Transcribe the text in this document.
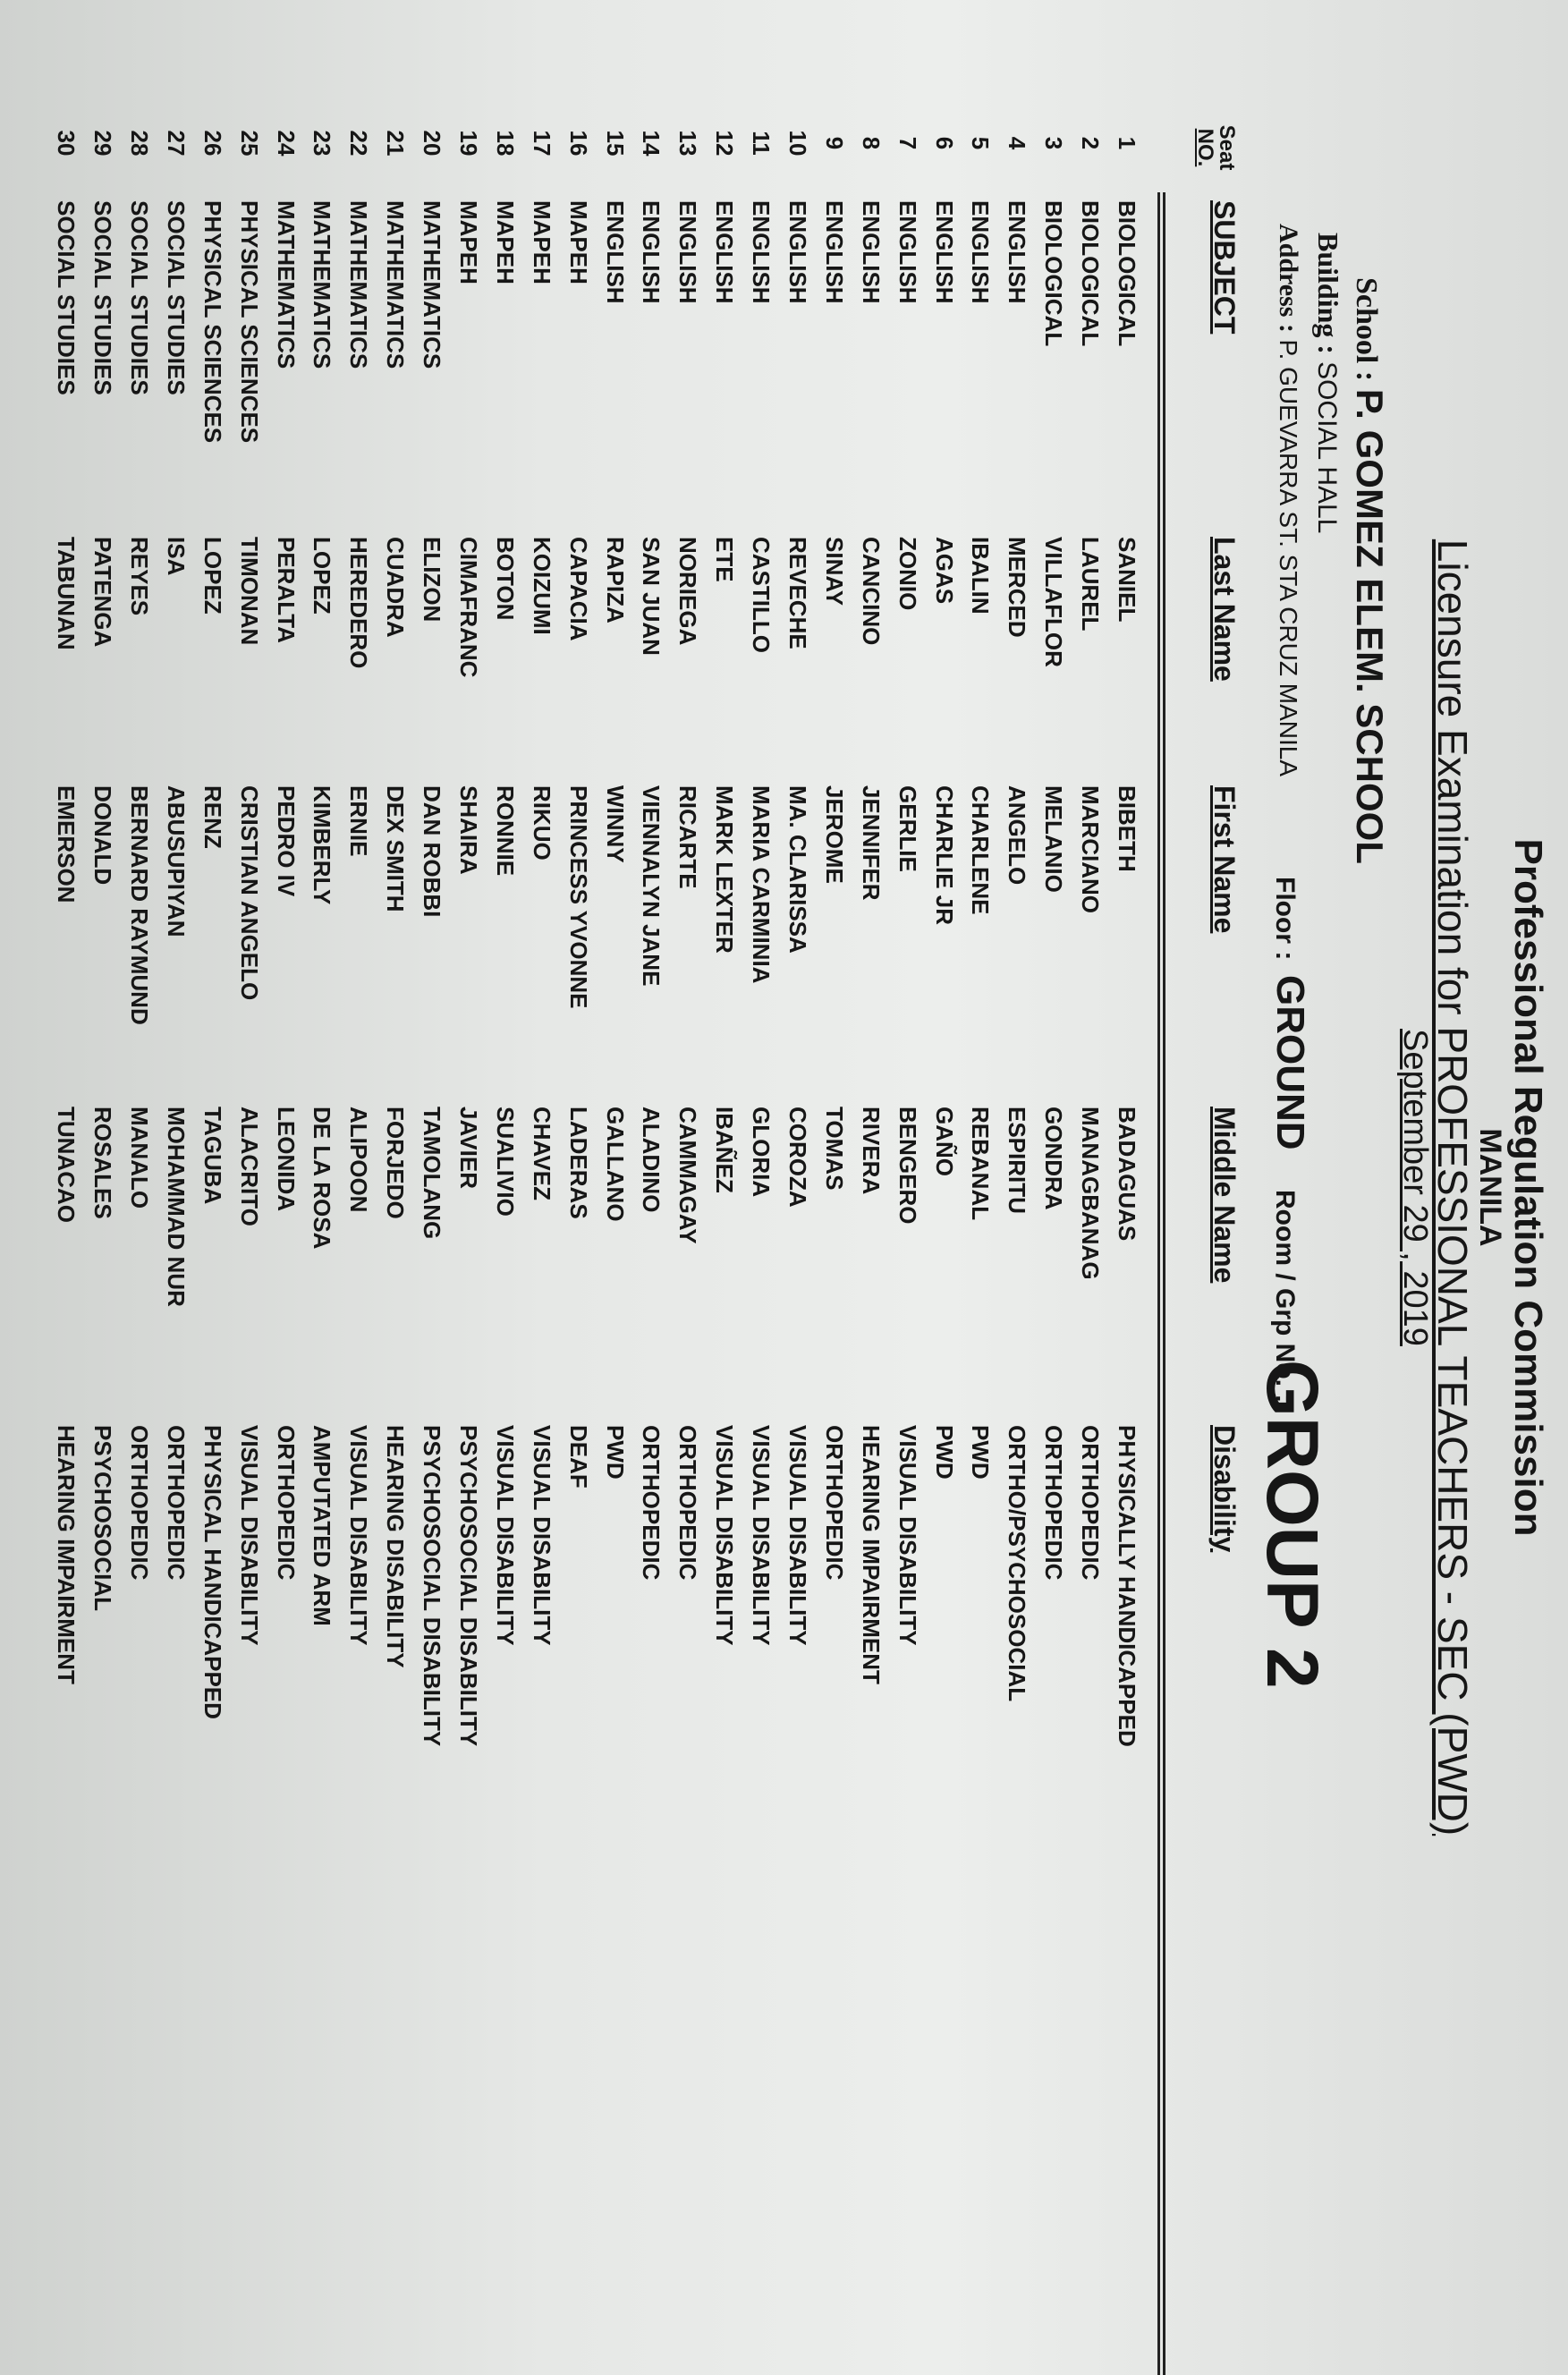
Professional Regulation Commission
MANILA
Licensure Examination for PROFESSIONAL TEACHERS - SEC (PWD)
September 29 , 2019
School : P. GOMEZ ELEM. SCHOOL
Building : SOCIAL HALL
Address : P. GUEVARRA ST. STA CRUZ MANILA
Floor :
GROUND
Room / Grp No. :
GROUP 2
Seat
NO.
SUBJECT
Last Name
First Name
Middle Name
Disability
1
BIOLOGICAL
SANIEL
BIBETH
BADAGUAS
PHYSICALLY HANDICAPPED
2
BIOLOGICAL
LAUREL
MARCIANO
MANAGBANAG
ORTHOPEDIC
3
BIOLOGICAL
VILLAFLOR
MELANIO
GONDRA
ORTHOPEDIC
4
ENGLISH
MERCED
ANGELO
ESPIRITU
ORTHO/PSYCHOSOCIAL
5
ENGLISH
IBALIN
CHARLENE
REBANAL
PWD
6
ENGLISH
AGAS
CHARLIE JR
GAÑO
PWD
7
ENGLISH
ZONIO
GERLIE
BENGERO
VISUAL DISABILITY
8
ENGLISH
CANCINO
JENNIFER
RIVERA
HEARING IMPAIRMENT
9
ENGLISH
SINAY
JEROME
TOMAS
ORTHOPEDIC
10
ENGLISH
REVECHE
MA. CLARISSA
COROZA
VISUAL DISABILITY
11
ENGLISH
CASTILLO
MARIA CARMINIA
GLORIA
VISUAL DISABILITY
12
ENGLISH
ETE
MARK LEXTER
IBAÑEZ
VISUAL DISABILITY
13
ENGLISH
NORIEGA
RICARTE
CAMMAGAY
ORTHOPEDIC
14
ENGLISH
SAN JUAN
VIENNALYN JANE
ALADINO
ORTHOPEDIC
15
ENGLISH
RAPIZA
WINNY
GALLANO
PWD
16
MAPEH
CAPACIA
PRINCESS YVONNE
LADERAS
DEAF
17
MAPEH
KOIZUMI
RIKUO
CHAVEZ
VISUAL DISABILITY
18
MAPEH
BOTON
RONNIE
SUALIVIO
VISUAL DISABILITY
19
MAPEH
CIMAFRANC
SHAIRA
JAVIER
PSYCHOSOCIAL DISABILITY
20
MATHEMATICS
ELIZON
DAN ROBBI
TAMOLANG
PSYCHOSOCIAL DISABILITY
21
MATHEMATICS
CUADRA
DEX SMITH
FORJEDO
HEARING DISABILITY
22
MATHEMATICS
HEREDERO
ERNIE
ALIPOON
VISUAL DISABILITY
23
MATHEMATICS
LOPEZ
KIMBERLY
DE LA ROSA
AMPUTATED ARM
24
MATHEMATICS
PERALTA
PEDRO IV
LEONIDA
ORTHOPEDIC
25
PHYSICAL SCIENCES
TIMONAN
CRISTIAN ANGELO
ALACRITO
VISUAL DISABILITY
26
PHYSICAL SCIENCES
LOPEZ
RENZ
TAGUBA
PHYSICAL HANDICAPPED
27
SOCIAL STUDIES
ISA
ABUSUPIYAN
MOHAMMAD NUR
ORTHOPEDIC
28
SOCIAL STUDIES
REYES
BERNARD RAYMUND
MANALO
ORTHOPEDIC
29
SOCIAL STUDIES
PATENGA
DONALD
ROSALES
PSYCHOSOCIAL
30
SOCIAL STUDIES
TABUNAN
EMERSON
TUNACAO
HEARING IMPAIRMENT
